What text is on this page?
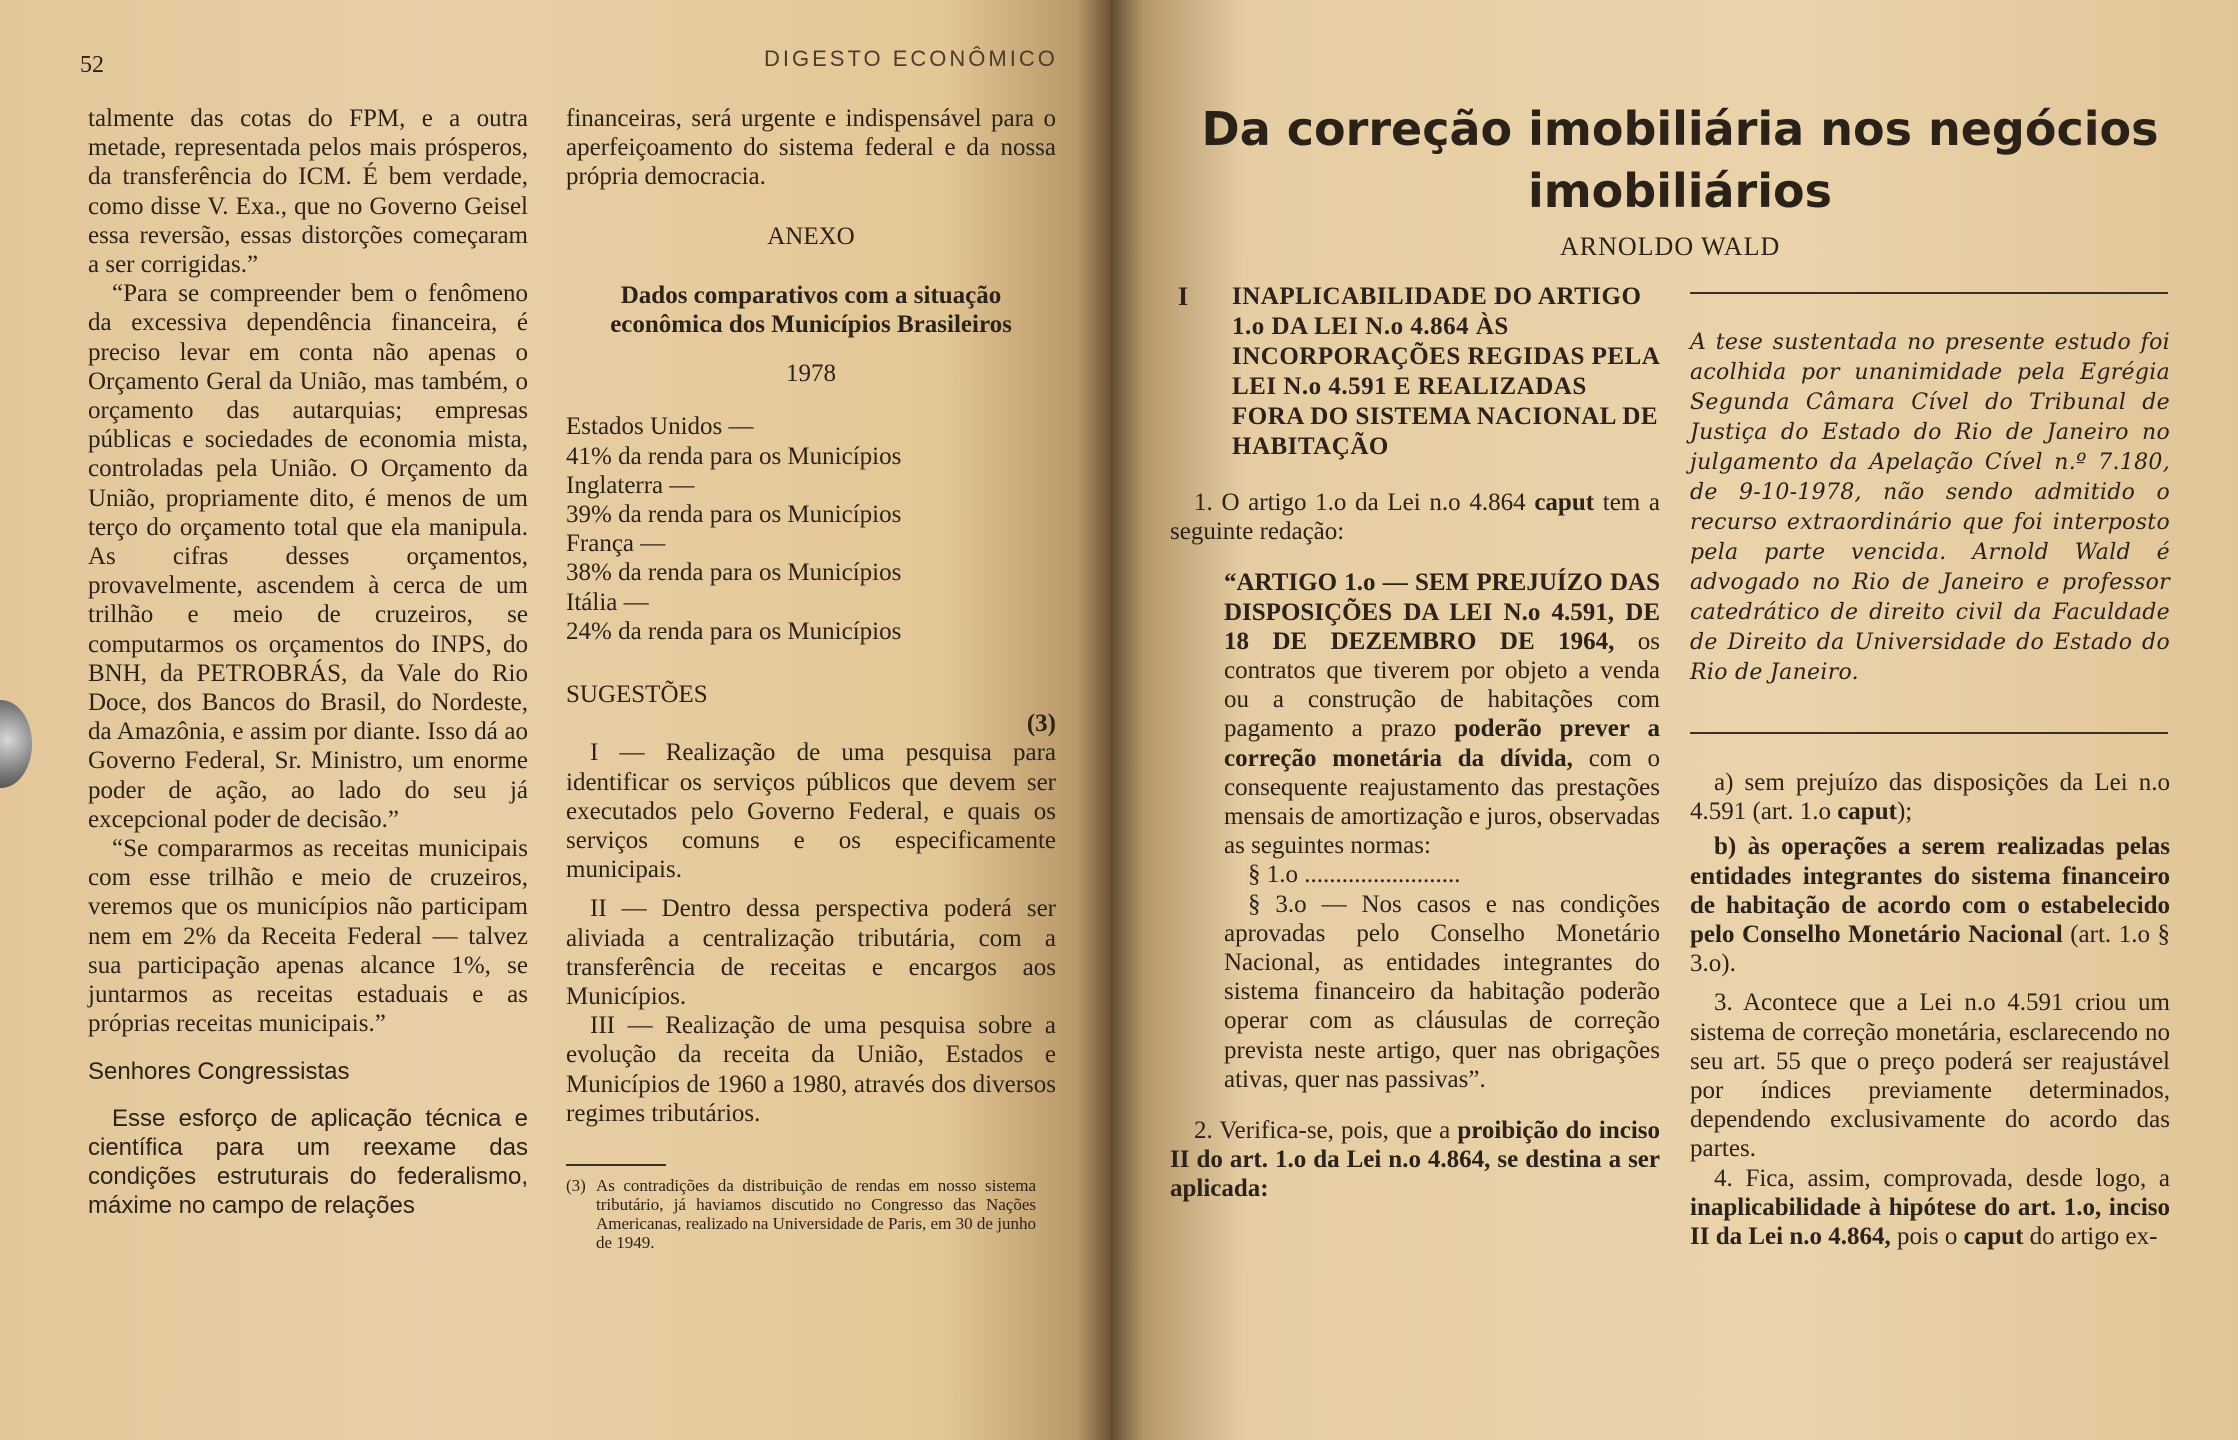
52	DIGESTO ECONÔMICO

talmente das cotas do FPM, e a outra metade, representada pelos mais prósperos, da transferência do ICM. É bem verdade, como disse V. Exa., que no Governo Geisel essa reversão, essas distorções começaram a ser corrigidas.”

“Para se compreender bem o fenômeno da excessiva dependência financeira, é preciso levar em conta não apenas o Orçamento Geral da União, mas também, o orçamento das autarquias; empresas públicas e sociedades de economia mista, controladas pela União. O Orçamento da União, propriamente dito, é menos de um terço do orçamento total que ela manipula. As cifras desses orçamentos, provavelmente, ascendem à cerca de um trilhão e meio de cruzeiros, se computarmos os orçamentos do INPS, do BNH, da PETROBRÁS, da Vale do Rio Doce, dos Bancos do Brasil, do Nordeste, da Amazônia, e assim por diante. Isso dá ao Governo Federal, Sr. Ministro, um enorme poder de ação, ao lado do seu já excepcional poder de decisão.”

“Se compararmos as receitas municipais com esse trilhão e meio de cruzeiros, veremos que os municípios não participam nem em 2% da Receita Federal — talvez sua participação apenas alcance 1%, se juntarmos as receitas estaduais e as próprias receitas municipais.”

Senhores Congressistas

Esse esforço de aplicação técnica e científica para um reexame das condições estruturais do federalismo, máxime no campo de relações

financeiras, será urgente e indispensável para o aperfeiçoamento do sistema federal e da nossa própria democracia.

ANEXO

Dados comparativos com a situação econômica dos Municípios Brasileiros

1978

Estados Unidos —

41% da renda para os Municípios

Inglaterra —

39% da renda para os Municípios

França —

38% da renda para os Municípios

Itália —

24% da renda para os Municípios

SUGESTÕES

(3)

I — Realização de uma pesquisa para identificar os serviços públicos que devem ser executados pelo Governo Federal, e quais os serviços comuns e os especificamente municipais.

II — Dentro dessa perspectiva poderá ser aliviada a centralização tributária, com a transferência de receitas e encargos aos Municípios.

III — Realização de uma pesquisa sobre a evolução da receita da União, Estados e Municípios de 1960 a 1980, através dos diversos regimes tributários.

(3) As contradições da distribuição de rendas em nosso sistema tributário, já haviamos discutido no Congresso das Nações Americanas, realizado na Universidade de Paris, em 30 de junho de 1949.
Da correção imobiliária nos negócios imobiliários
ARNOLDO WALD
I INAPLICABILIDADE DO ARTIGO 1.o DA LEI N.o 4.864 ÀS INCORPORAÇÕES REGIDAS PELA LEI N.o 4.591 E REALIZADAS FORA DO SISTEMA NACIONAL DE HABITAÇÃO

1. O artigo 1.o da Lei n.o 4.864 caput tem a seguinte redação:

“ARTIGO 1.o — SEM PREJUÍZO DAS DISPOSIÇÕES DA LEI N.o 4.591, DE 18 DE DEZEMBRO DE 1964, os contratos que tiverem por objeto a venda ou a construção de habitações com pagamento a prazo poderão prever a correção monetária da dívida, com o consequente reajustamento das prestações mensais de amortização e juros, observadas as seguintes normas:

§ 1.o .........................

§ 3.o — Nos casos e nas condições aprovadas pelo Conselho Monetário Nacional, as entidades integrantes do sistema financeiro da habitação poderão operar com as cláusulas de correção prevista neste artigo, quer nas obrigações ativas, quer nas passivas”.

2. Verifica-se, pois, que a proibição do inciso II do art. 1.o da Lei n.o 4.864, se destina a ser aplicada:

A tese sustentada no presente estudo foi acolhida por unanimidade pela Egrégia Segunda Câmara Cível do Tribunal de Justiça do Estado do Rio de Janeiro no julgamento da Apelação Cível n.º 7.180, de 9-10-1978, não sendo admitido o recurso extraordinário que foi interposto pela parte vencida. Arnold Wald é advogado no Rio de Janeiro e professor catedrático de direito civil da Faculdade de Direito da Universidade do Estado do Rio de Janeiro.

a) sem prejuízo das disposições da Lei n.o 4.591 (art. 1.o caput);

b) às operações a serem realizadas pelas entidades integrantes do sistema financeiro de habitação de acordo com o estabelecido pelo Conselho Monetário Nacional (art. 1.o § 3.o).

3. Acontece que a Lei n.o 4.591 criou um sistema de correção monetária, esclarecendo no seu art. 55 que o preço poderá ser reajustável por índices previamente determinados, dependendo exclusivamente do acordo das partes.

4. Fica, assim, comprovada, desde logo, a inaplicabilidade à hipótese do art. 1.o, inciso II da Lei n.o 4.864, pois o caput do artigo ex-
